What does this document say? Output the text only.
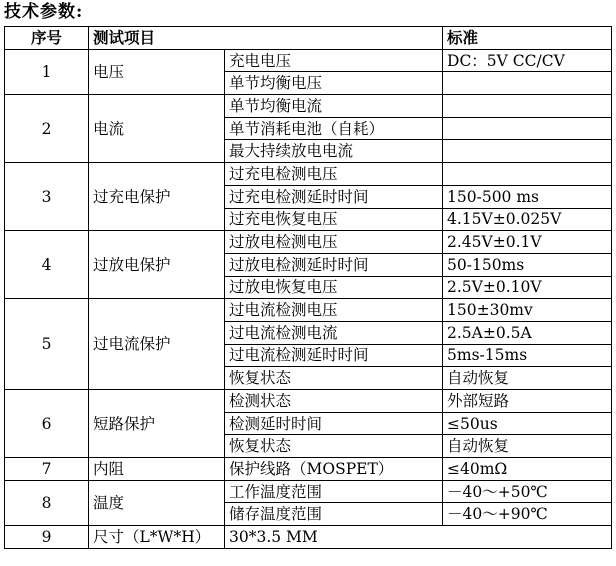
技术参数:
序号	测试项目		标准
1	电压	充电电压	DC：5V CC/CV
		单节均衡电压	
2	电流	单节均衡电流	
		单节消耗电池（自耗）	
		最大持续放电电流	
3	过充电保护	过充电检测电压	
		过充电检测延时时间	150-500 ms
		过充电恢复电压	4.15V±0.025V
4	过放电保护	过放电检测电压	2.45V±0.1V
		过放电检测延时时间	50-150ms
		过放电恢复电压	2.5V±0.10V
5	过电流保护	过电流检测电压	150±30mv
		过电流检测电流	2.5A±0.5A
		过电流检测延时时间	5ms-15ms
		恢复状态	自动恢复
6	短路保护	检测状态	外部短路
		检测延时时间	≤50us
		恢复状态	自动恢复
7	内阻	保护线路（MOSPET）	≤40mΩ
8	温度	工作温度范围	－40～+50℃
		储存温度范围	－40～+90℃
9	尺寸（L*W*H）	30*3.5 MM	
